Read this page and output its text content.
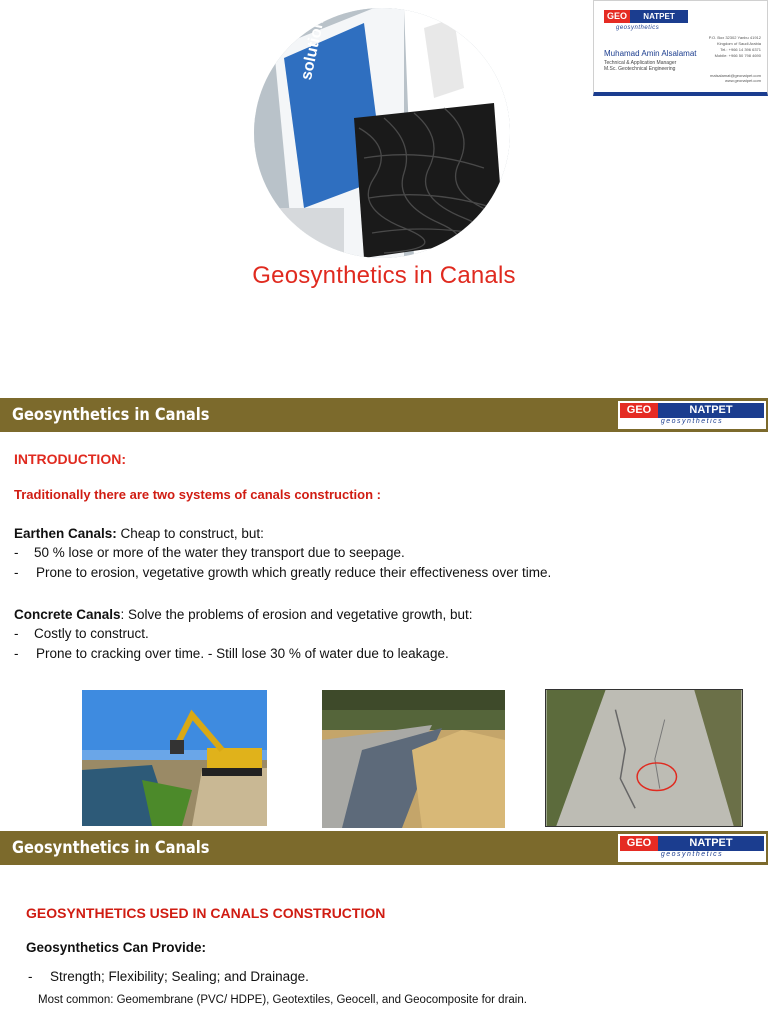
solutions	GEO	NATPET
geosynthetics
Muhamad Amin Alsalamat
Technical & Application Manager
M.Sc. Geotechnical Engineering
P.O. Box 32302 Yanbu 41912
Kingdom of Saudi Arabia
Tel.: +966 14 396 6371
Mobile: +966 50 798 4690
malsalamat@geonatpet.com
www.geonatpet.com
Geosynthetics in Canals
Geosynthetics in Canals	GEO	NATPET
geosynthetics
INTRODUCTION:
Traditionally there are two systems of canals construction :
Earthen Canals: Cheap to construct, but:
- 50 % lose or more of the water they transport due to seepage.
- Prone to erosion, vegetative growth which greatly reduce their effectiveness over time.
Concrete Canals: Solve the problems of erosion and vegetative growth, but:
- Costly to construct.
- Prone to cracking over time. - Still lose 30 % of water due to leakage.
Geosynthetics in Canals	GEO	NATPET
geosynthetics
GEOSYNTHETICS USED IN CANALS CONSTRUCTION
Geosynthetics Can Provide:
- Strength; Flexibility; Sealing; and Drainage.
Most common: Geomembrane (PVC/ HDPE), Geotextiles, Geocell, and Geocomposite for drain.
